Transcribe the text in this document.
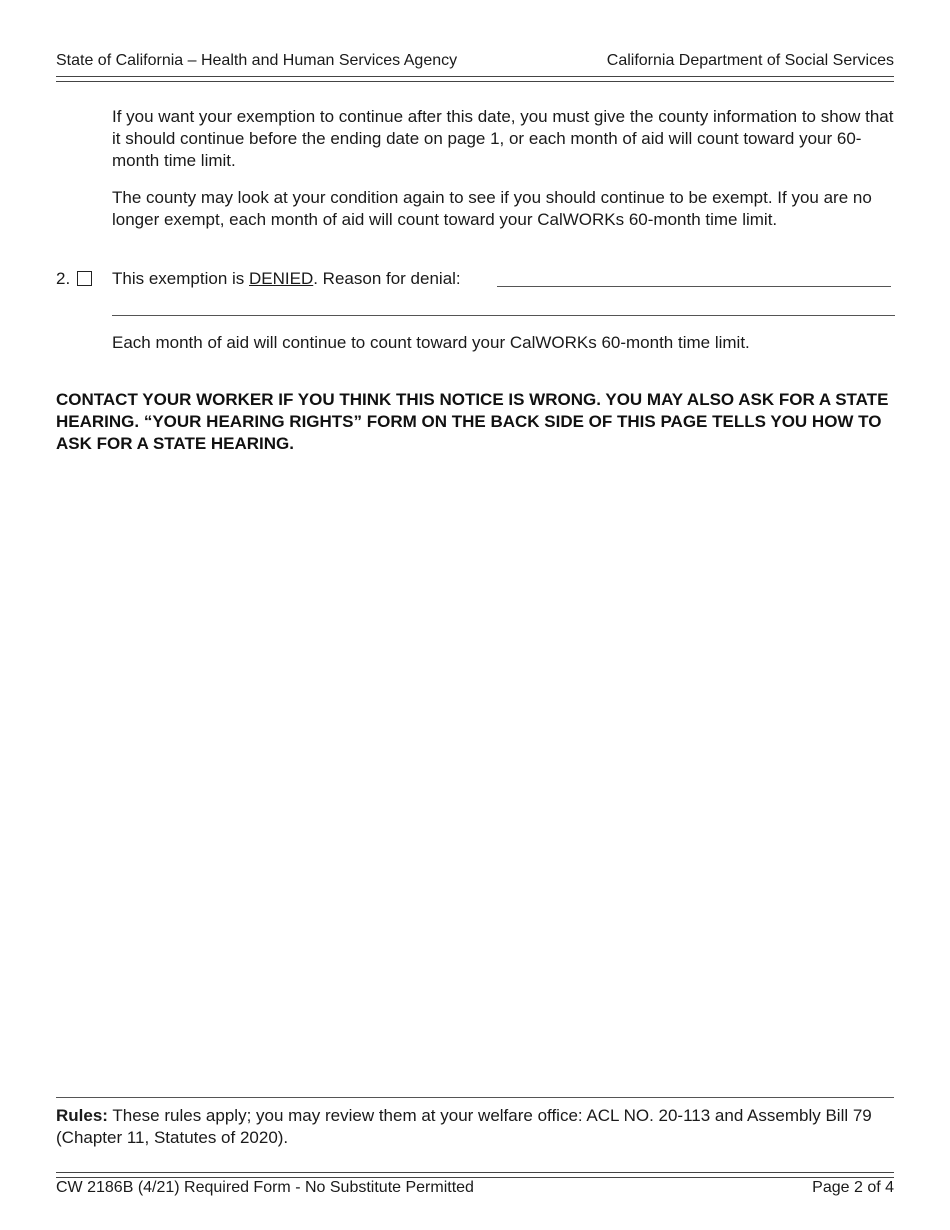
State of California – Health and Human Services Agency	California Department of Social Services
If you want your exemption to continue after this date, you must give the county information to show that it should continue before the ending date on page 1, or each month of aid will count toward your 60-month time limit.
The county may look at your condition again to see if you should continue to be exempt. If you are no longer exempt, each month of aid will count toward your CalWORKs 60-month time limit.
2. This exemption is DENIED. Reason for denial:
Each month of aid will continue to count toward your CalWORKs 60-month time limit.
CONTACT YOUR WORKER IF YOU THINK THIS NOTICE IS WRONG. YOU MAY ALSO ASK FOR A STATE HEARING. “YOUR HEARING RIGHTS” FORM ON THE BACK SIDE OF THIS PAGE TELLS YOU HOW TO ASK FOR A STATE HEARING.
Rules: These rules apply; you may review them at your welfare office: ACL NO. 20-113 and Assembly Bill 79 (Chapter 11, Statutes of 2020).
CW 2186B (4/21) Required Form - No Substitute Permitted	Page 2 of 4
